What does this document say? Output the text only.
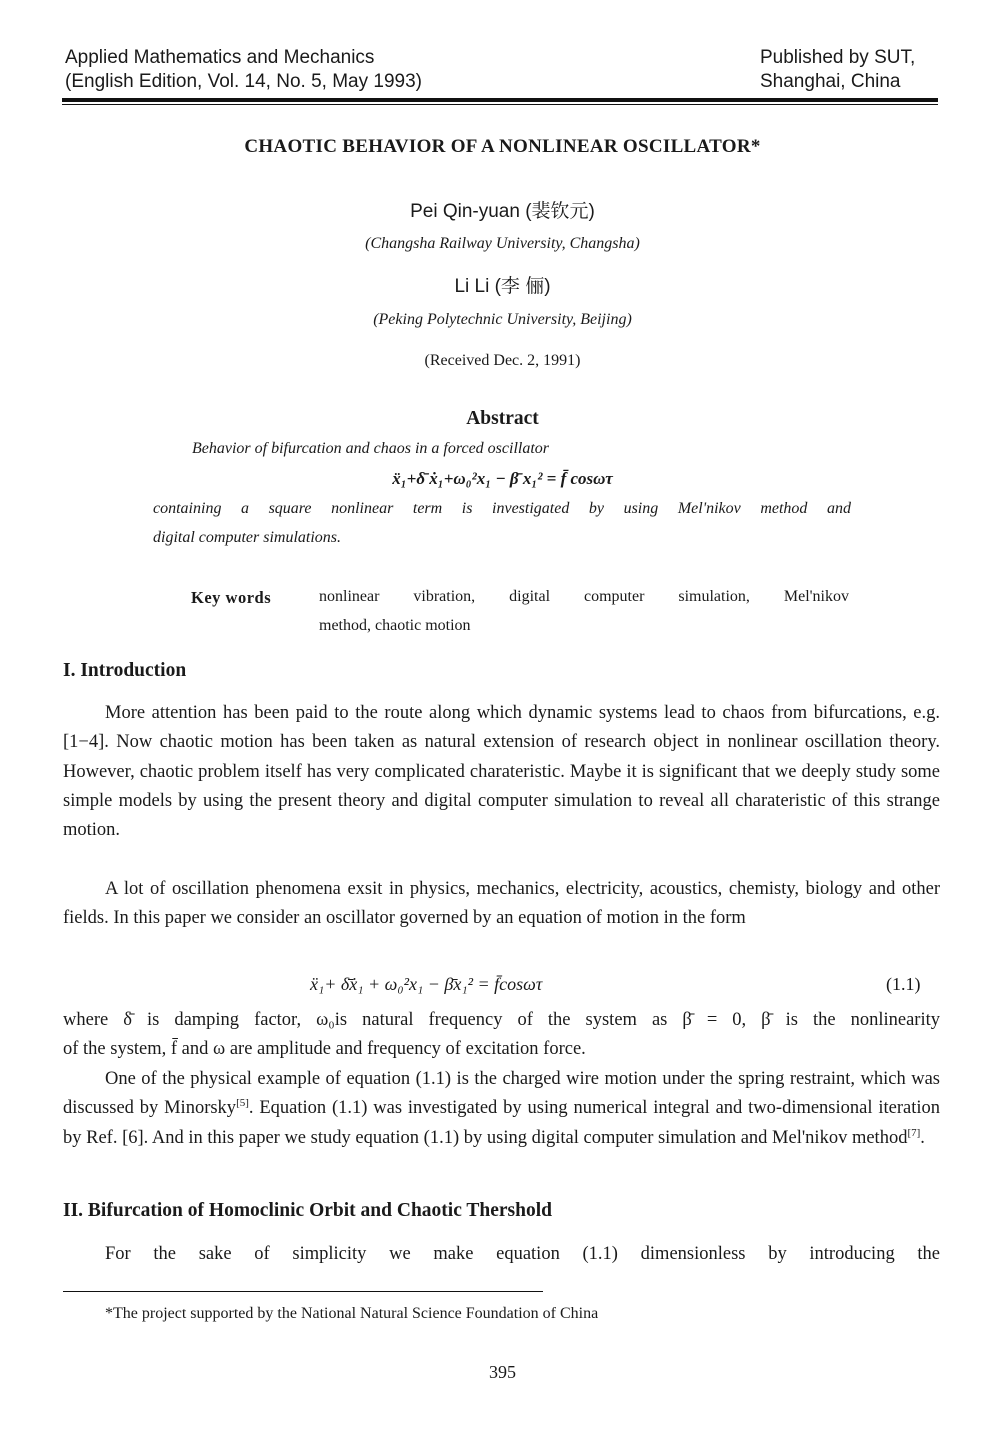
Applied Mathematics and Mechanics
(English Edition, Vol. 14, No. 5, May 1993)
Published by SUT,
Shanghai, China
CHAOTIC BEHAVIOR OF A NONLINEAR OSCILLATOR*
Pei Qin-yuan (裴钦元)
(Changsha Railway University, Changsha)
Li Li (李 俪)
(Peking Polytechnic University, Beijing)
(Received Dec. 2, 1991)
Abstract
Behavior of bifurcation and chaos in a forced oscillator
ẍ₁+δ̄ ẋ₁+ω₀²x₁ − β̄ x₁² = f̄ cosωτ
containing a square nonlinear term is investigated by using Mel'nikov method and
digital computer simulations.
Key words	nonlinear vibration, digital computer simulation, Mel'nikov
method, chaotic motion
I. Introduction
More attention has been paid to the route along which dynamic systems lead to chaos from bifurcations, e.g. [1−4]. Now chaotic motion has been taken as natural extension of research object in nonlinear oscillation theory. However, chaotic problem itself has very complicated charateristic. Maybe it is significant that we deeply study some simple models by using the present theory and digital computer simulation to reveal all charateristic of this strange motion.
A lot of oscillation phenomena exsit in physics, mechanics, electricity, acoustics, chemisty, biology and other fields. In this paper we consider an oscillator governed by an equation of motion in the form
ẍ₁+ δ̄ẋ₁ + ω₀²x₁ − β̄x₁² = f̄cosωτ	(1.1)
where δ̄ is damping factor, ω₀is natural frequency of the system as β̄ = 0, β̄ is the nonlinearity
of the system, f̄ and ω are amplitude and frequency of excitation force.
One of the physical example of equation (1.1) is the charged wire motion under the spring restraint, which was discussed by Minorsky[5]. Equation (1.1) was investigated by using numerical integral and two-dimensional iteration by Ref. [6]. And in this paper we study equation (1.1) by using digital computer simulation and Mel'nikov method[7].
II. Bifurcation of Homoclinic Orbit and Chaotic Thershold
For the sake of simplicity we make equation (1.1) dimensionless by introducing the
*The project supported by the National Natural Science Foundation of China
395
